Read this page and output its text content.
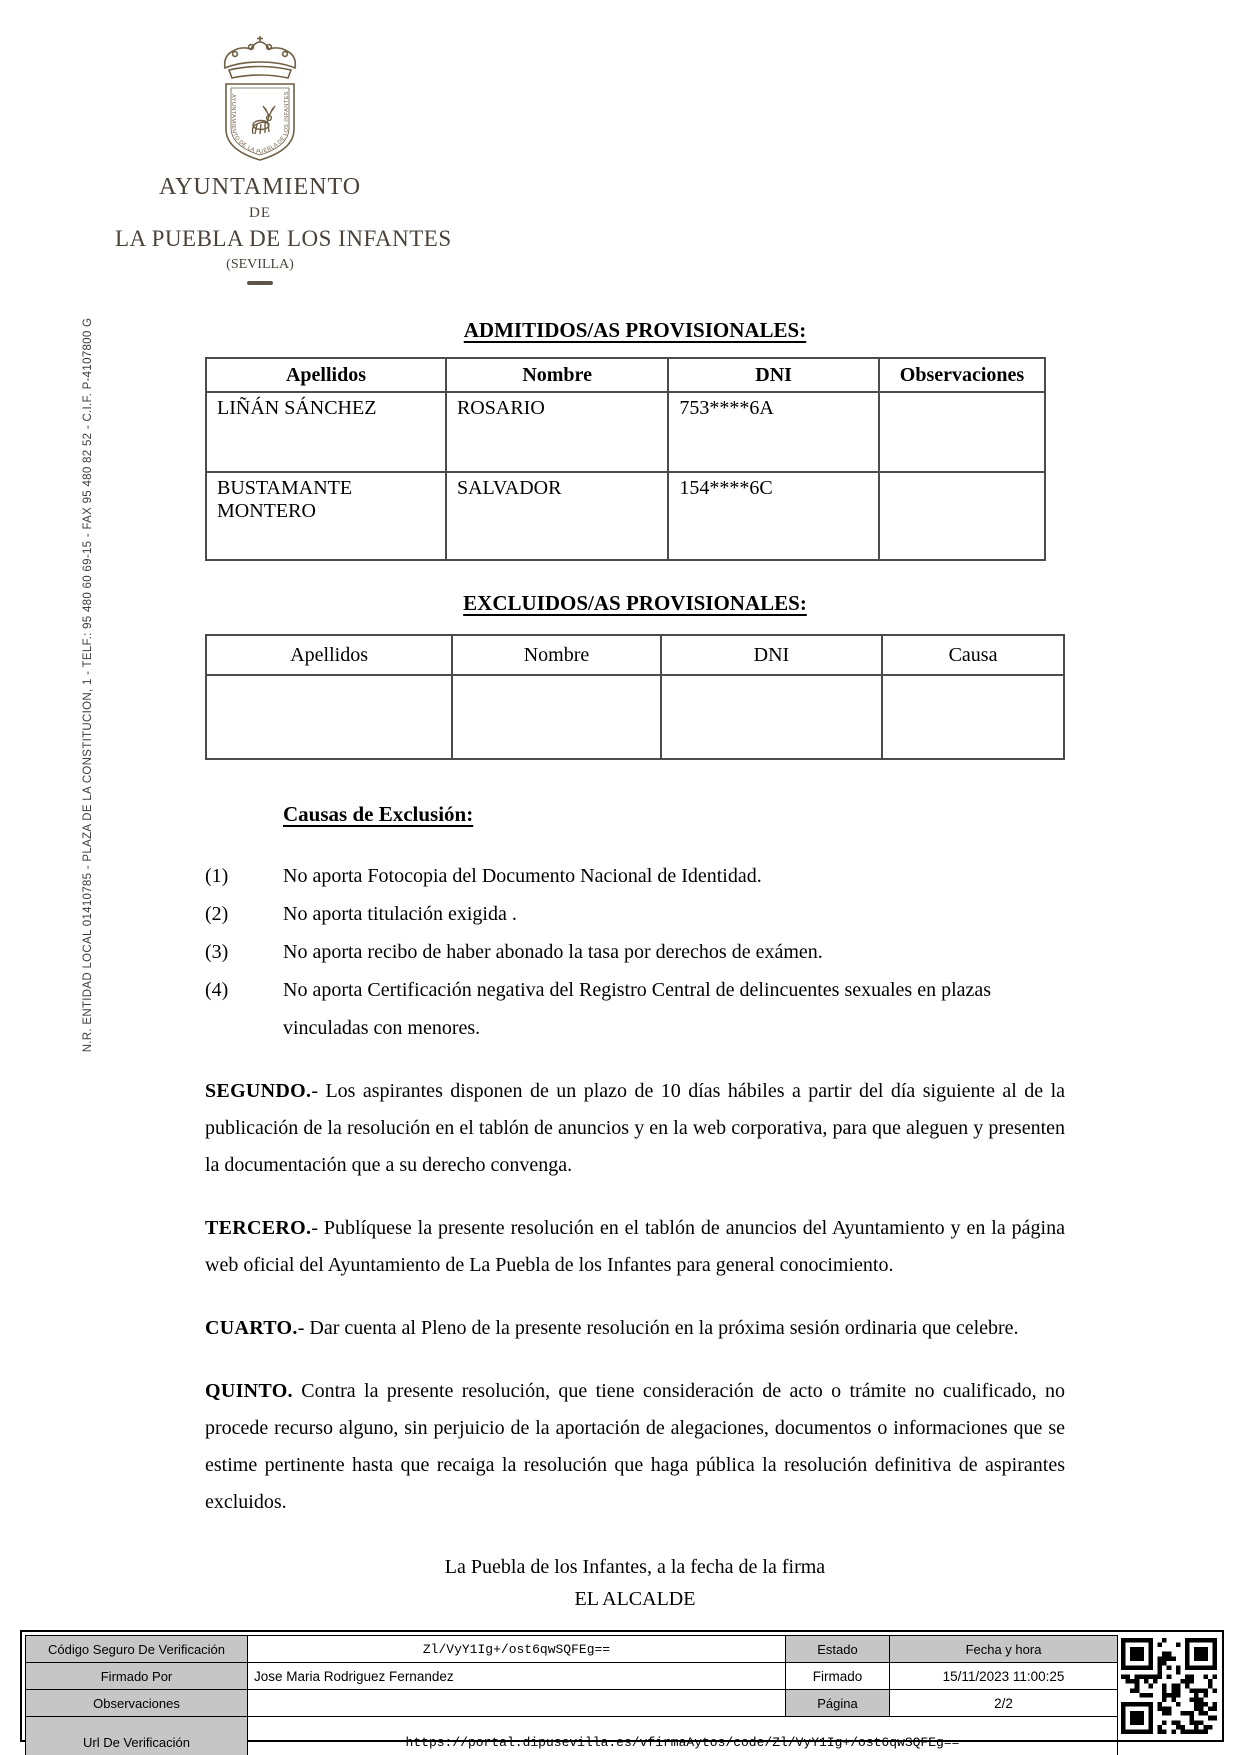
N.R. ENTIDAD LOCAL 01410785 - PLAZA DE LA CONSTITUCION, 1 - TELF.: 95 480 60 69-15 - FAX 95 480 82 52 - C.I.F. P-4107800 G
AYUNTAMIENTO DE LA PUEBLA DE LOS INFANTES
AYUNTAMIENTO
DE
LA PUEBLA DE LOS INFANTES
(SEVILLA)
ADMITIDOS/AS PROVISIONALES:
Apellidos	Nombre	DNI	Observaciones
LIÑÁN SÁNCHEZ	ROSARIO	753****6A	
BUSTAMANTE MONTERO	SALVADOR	154****6C	
EXCLUIDOS/AS PROVISIONALES:
Apellidos	Nombre	DNI	Causa

Causas de Exclusión:
(1)	No aporta Fotocopia del Documento Nacional de Identidad.
(2)	No aporta titulación exigida .
(3)	No aporta recibo de haber abonado la tasa por derechos de exámen.
(4)	No aporta Certificación negativa del Registro Central de delincuentes sexuales en plazas vinculadas con menores.

SEGUNDO.- Los aspirantes disponen de un plazo de 10 días hábiles a partir del día siguiente al de la publicación de la resolución en el tablón de anuncios y en la web corporativa, para que aleguen y presenten la documentación que a su derecho convenga.

TERCERO.- Publíquese la presente resolución en el tablón de anuncios del Ayuntamiento y en la página web oficial del Ayuntamiento de La Puebla de los Infantes para general conocimiento.

CUARTO.- Dar cuenta al Pleno de la presente resolución en la próxima sesión ordinaria que celebre.

QUINTO. Contra la presente resolución, que tiene consideración de acto o trámite no cualificado, no procede recurso alguno, sin perjuicio de la aportación de alegaciones, documentos o informaciones que se estime pertinente hasta que recaiga la resolución que haga pública la resolución definitiva de aspirantes excluidos.

La Puebla de los Infantes, a la fecha de la firma
EL ALCALDE
Código Seguro De Verificación	Zl/VyY1Ig+/ost6qwSQFEg==	Estado	Fecha y hora
Firmado Por	Jose Maria Rodriguez Fernandez	Firmado	15/11/2023 11:00:25
Observaciones		Página	2/2
Url De Verificación	https://portal.dipusevilla.es/vfirmaAytos/code/Zl/VyY1Ig+/ost6qwSQFEg==		
